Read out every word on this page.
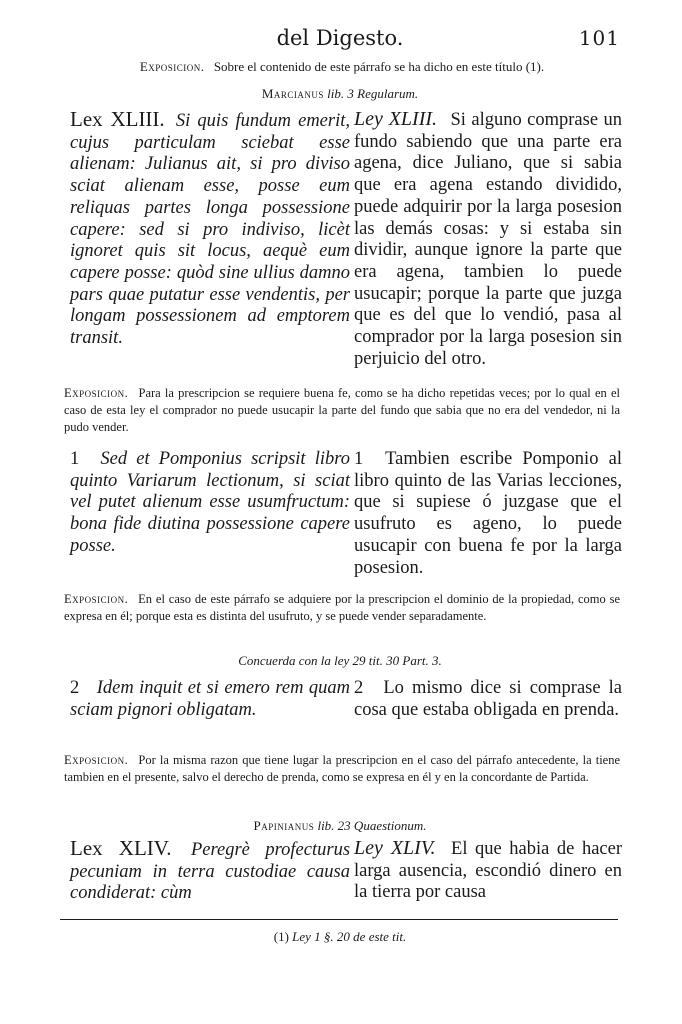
del Digesto.	101
Exposicion. Sobre el contenido de este párrafo se ha dicho en este título (1).
Marcianus lib. 3 Regularum.
Lex XLIII. Si quis fundum emerit, cujus particulam sciebat esse alienam: Julianus ait, si pro diviso sciat alienam esse, posse eum reliquas partes longa possessione capere: sed si pro indiviso, licèt ignoret quis sit locus, aequè eum capere posse: quòd sine ullius damno pars quae putatur esse vendentis, per longam possessionem ad emptorem transit.
Ley XLIII. Si alguno comprase un fundo sabiendo que una parte era agena, dice Juliano, que si sabia que era agena estando dividido, puede adquirir por la larga posesion las demás cosas: y si estaba sin dividir, aunque ignore la parte que era agena, tambien lo puede usucapir; porque la parte que juzga que es del que lo vendió, pasa al comprador por la larga posesion sin perjuicio del otro.
Exposicion. Para la prescripcion se requiere buena fe, como se ha dicho repetidas veces; por lo qual en el caso de esta ley el comprador no puede usucapir la parte del fundo que sabia que no era del vendedor, ni la pudo vender.
1 Sed et Pomponius scripsit libro quinto Variarum lectionum, si sciat vel putet alienum esse usumfructum: bona fide diutina possessione capere posse.
1 Tambien escribe Pomponio al libro quinto de las Varias lecciones, que si supiese ó juzgase que el usufruto es ageno, lo puede usucapir con buena fe por la larga posesion.
Exposicion. En el caso de este párrafo se adquiere por la prescripcion el dominio de la propiedad, como se expresa en él; porque esta es distinta del usufruto, y se puede vender separadamente.
Concuerda con la ley 29 tit. 30 Part. 3.
2 Idem inquit et si emero rem quam sciam pignori obligatam.
2 Lo mismo dice si comprase la cosa que estaba obligada en prenda.
Exposicion. Por la misma razon que tiene lugar la prescripcion en el caso del párrafo antecedente, la tiene tambien en el presente, salvo el derecho de prenda, como se expresa en él y en la concordante de Partida.
Papinianus lib. 23 Quaestionum.
Lex XLIV. Peregrè profecturus pecuniam in terra custodiae causa condiderat: cùm
Ley XLIV. El que habia de hacer larga ausencia, escondió dinero en la tierra por causa
(1) Ley 1 §. 20 de este tit.
